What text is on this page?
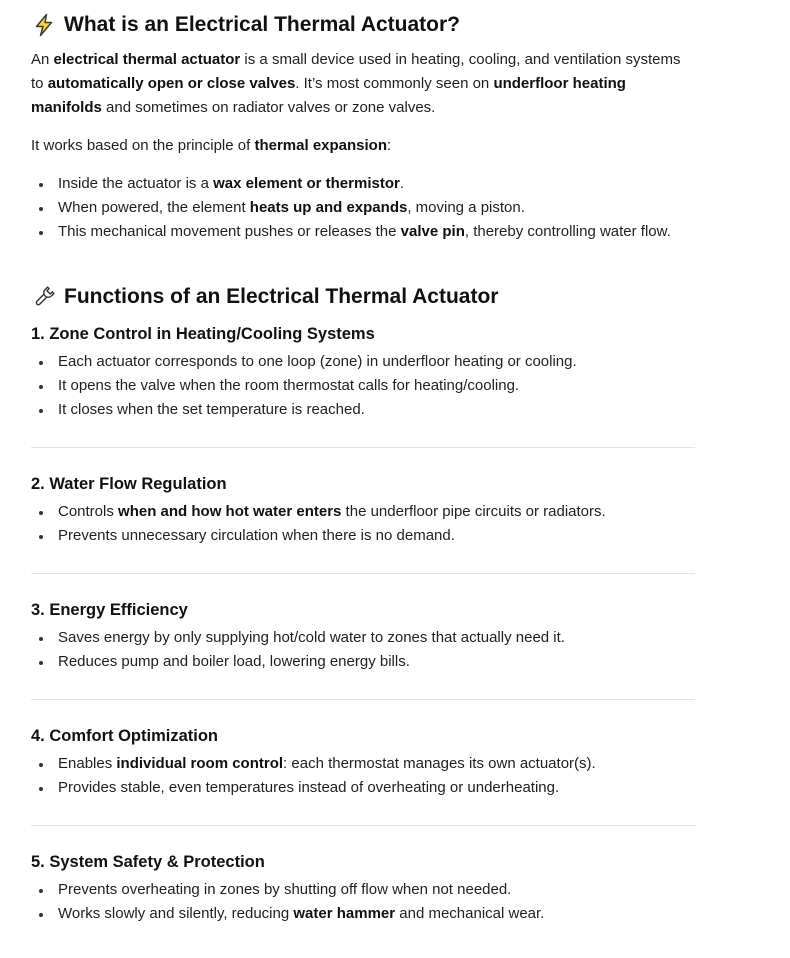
What is an Electrical Thermal Actuator?

An electrical thermal actuator is a small device used in heating, cooling, and ventilation systems to automatically open or close valves. It’s most commonly seen on underfloor heating manifolds and sometimes on radiator valves or zone valves.

It works based on the principle of thermal expansion:

Inside the actuator is a wax element or thermistor.
When powered, the element heats up and expands, moving a piston.
This mechanical movement pushes or releases the valve pin, thereby controlling water flow.
Functions of an Electrical Thermal Actuator
1. Zone Control in Heating/Cooling Systems
Each actuator corresponds to one loop (zone) in underfloor heating or cooling.
It opens the valve when the room thermostat calls for heating/cooling.
It closes when the set temperature is reached.
2. Water Flow Regulation
Controls when and how hot water enters the underfloor pipe circuits or radiators.
Prevents unnecessary circulation when there is no demand.
3. Energy Efficiency
Saves energy by only supplying hot/cold water to zones that actually need it.
Reduces pump and boiler load, lowering energy bills.
4. Comfort Optimization
Enables individual room control: each thermostat manages its own actuator(s).
Provides stable, even temperatures instead of overheating or underheating.
5. System Safety & Protection
Prevents overheating in zones by shutting off flow when not needed.
Works slowly and silently, reducing water hammer and mechanical wear.
